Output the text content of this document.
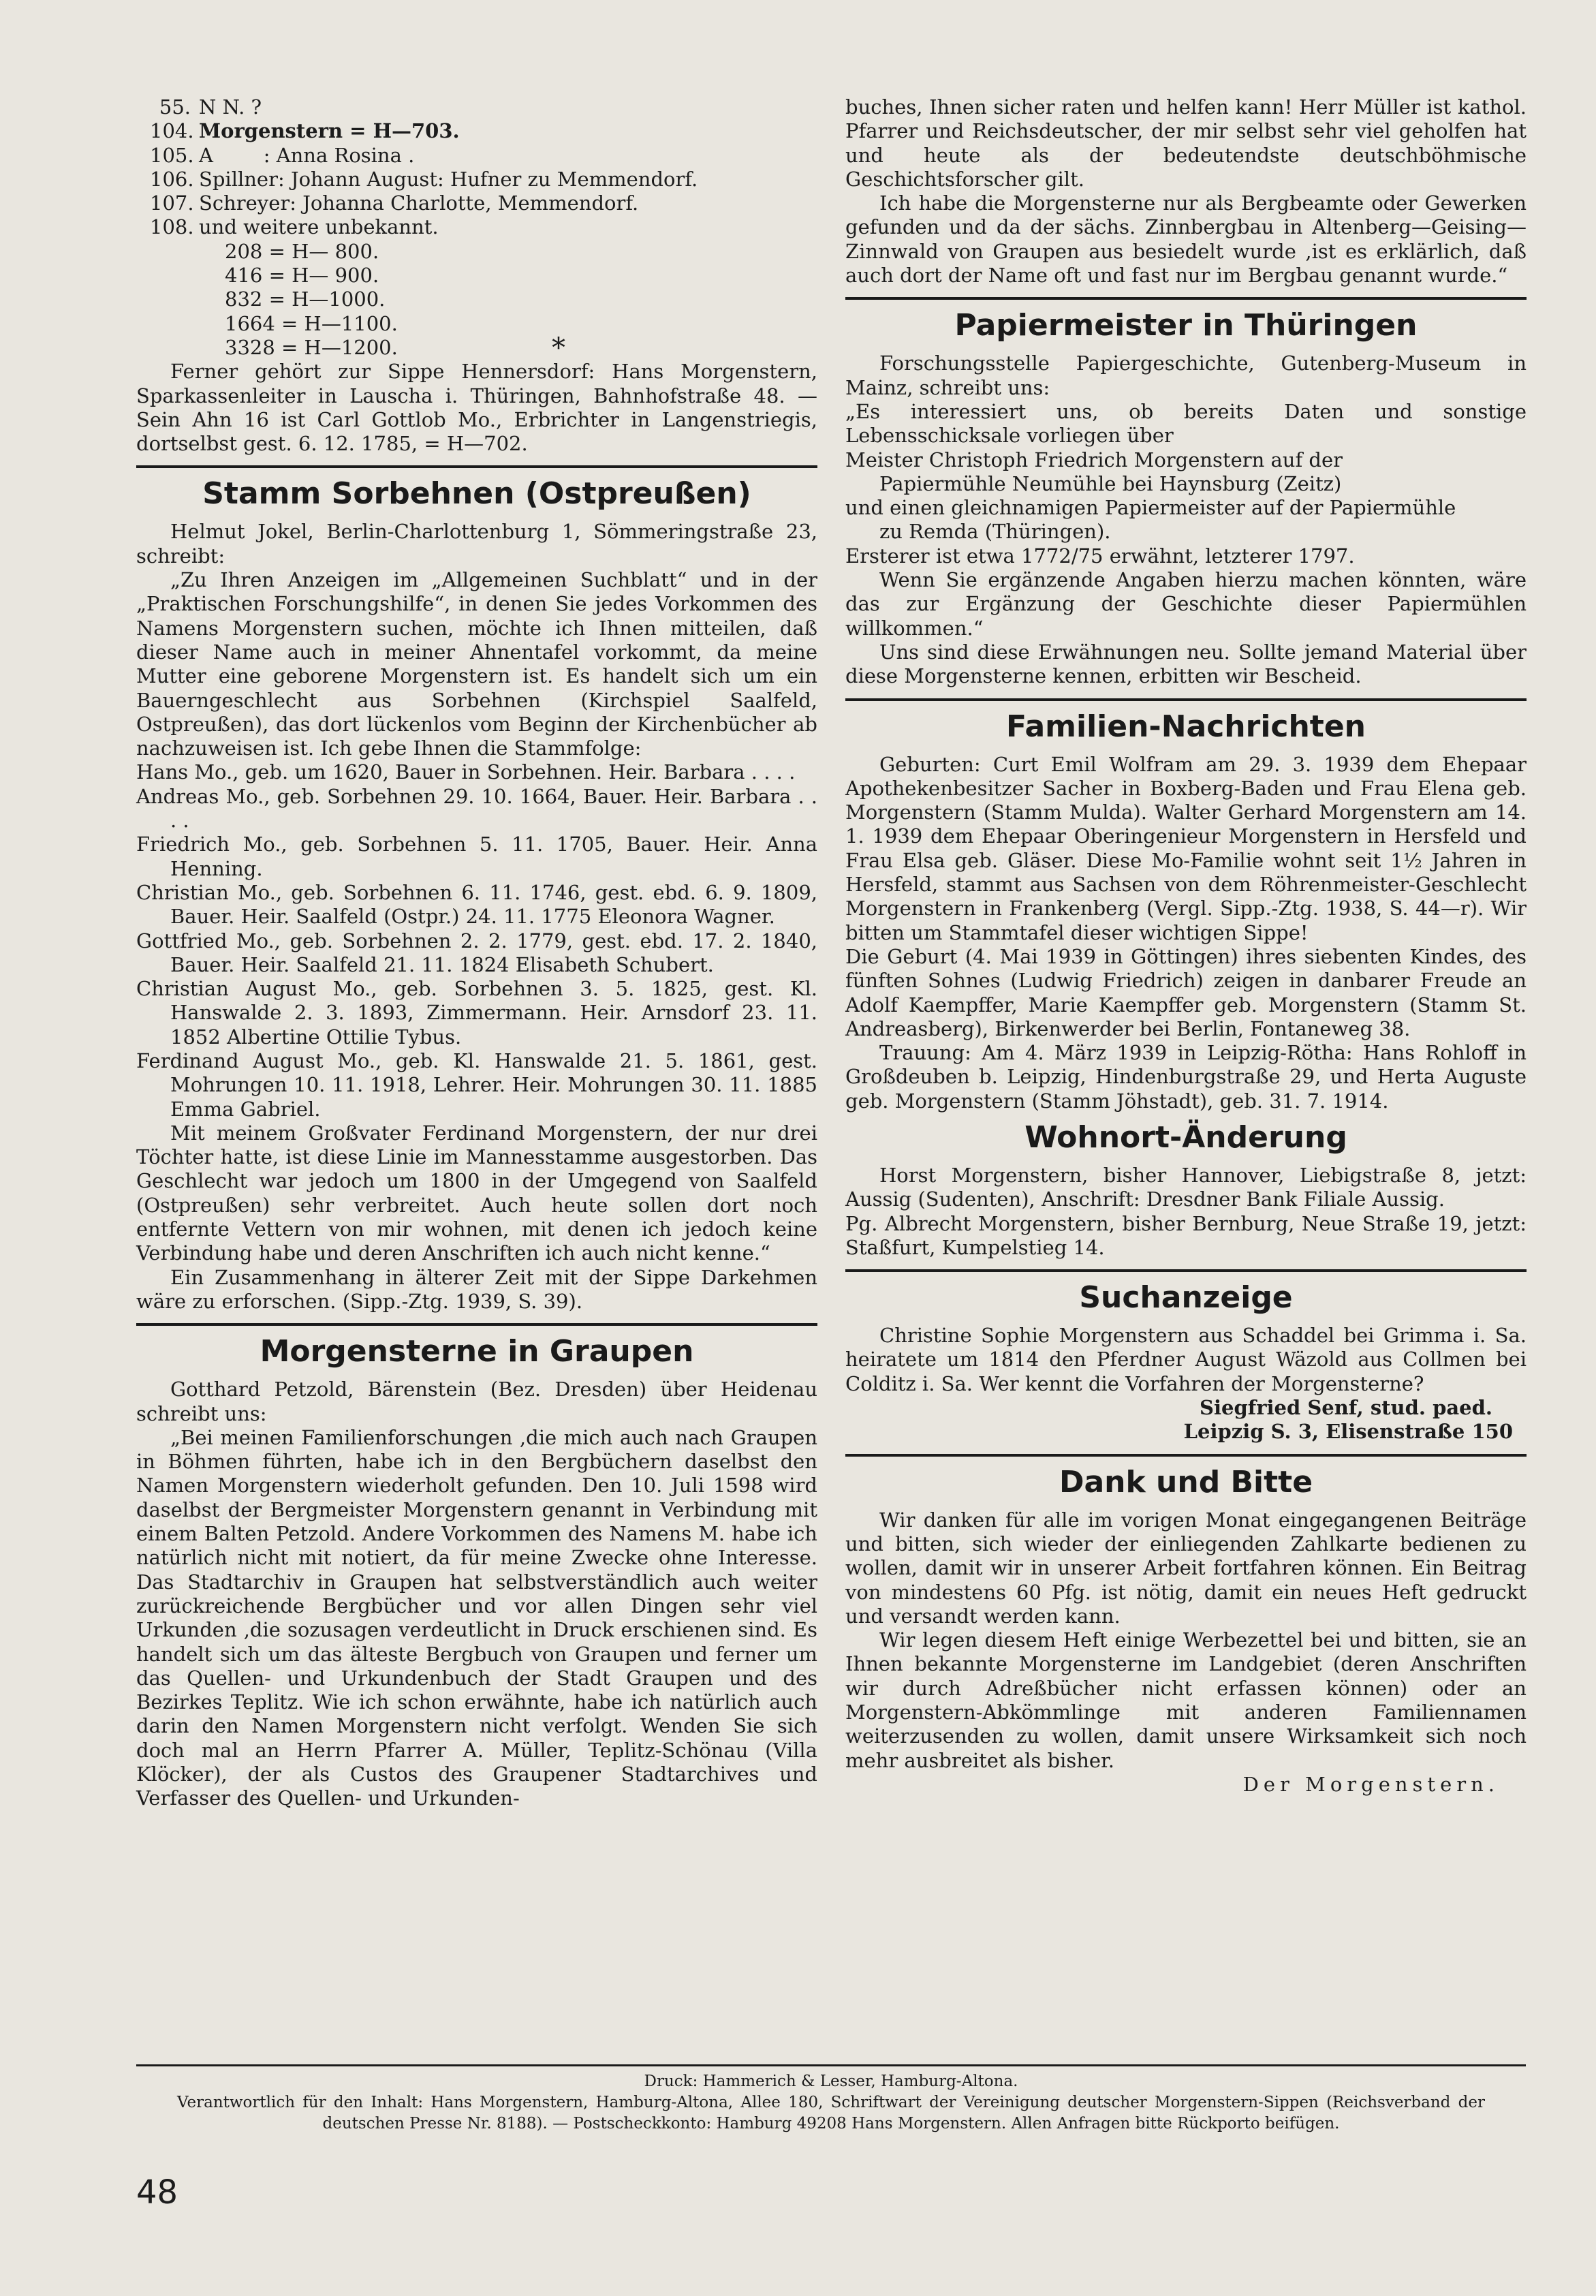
55. N N. ?
104. Morgenstern = H—703.
105. A        : Anna Rosina .
106. Spillner: Johann August: Hufner zu Memmendorf.
107. Schreyer: Johanna Charlotte, Memmendorf.
108. und weitere unbekannt.
208 = H— 800.
416 = H— 900.
832 = H—1000.
1664 = H—1100.
3328 = H—1200.	*

Ferner gehört zur Sippe Hennersdorf: Hans Morgenstern, Sparkassenleiter in Lauscha i. Thüringen, Bahnhofstraße 48. — Sein Ahn 16 ist Carl Gottlob Mo., Erbrichter in Langenstriegis, dortselbst gest. 6. 12. 1785, = H—702.

Stamm Sorbehnen (Ostpreußen)

Helmut Jokel, Berlin-Charlottenburg 1, Sömmeringstraße 23, schreibt:

„Zu Ihren Anzeigen im „Allgemeinen Suchblatt“ und in der „Praktischen Forschungshilfe“, in denen Sie jedes Vorkommen des Namens Morgenstern suchen, möchte ich Ihnen mitteilen, daß dieser Name auch in meiner Ahnentafel vorkommt, da meine Mutter eine geborene Morgenstern ist. Es handelt sich um ein Bauerngeschlecht aus Sorbehnen (Kirchspiel Saalfeld, Ostpreußen), das dort lückenlos vom Beginn der Kirchenbücher ab nachzuweisen ist. Ich gebe Ihnen die Stammfolge:

Hans Mo., geb. um 1620, Bauer in Sorbehnen. Heir. Barbara . . . .

Andreas Mo., geb. Sorbehnen 29. 10. 1664, Bauer. Heir. Barbara . . . .

Friedrich Mo., geb. Sorbehnen 5. 11. 1705, Bauer. Heir. Anna Henning.

Christian Mo., geb. Sorbehnen 6. 11. 1746, gest. ebd. 6. 9. 1809, Bauer. Heir. Saalfeld (Ostpr.) 24. 11. 1775 Eleonora Wagner.

Gottfried Mo., geb. Sorbehnen 2. 2. 1779, gest. ebd. 17. 2. 1840, Bauer. Heir. Saalfeld 21. 11. 1824 Elisabeth Schubert.

Christian August Mo., geb. Sorbehnen 3. 5. 1825, gest. Kl. Hanswalde 2. 3. 1893, Zimmermann. Heir. Arnsdorf 23. 11. 1852 Albertine Ottilie Tybus.

Ferdinand August Mo., geb. Kl. Hanswalde 21. 5. 1861, gest. Mohrungen 10. 11. 1918, Lehrer. Heir. Mohrungen 30. 11. 1885 Emma Gabriel.

Mit meinem Großvater Ferdinand Morgenstern, der nur drei Töchter hatte, ist diese Linie im Mannesstamme ausgestorben. Das Geschlecht war jedoch um 1800 in der Umgegend von Saalfeld (Ostpreußen) sehr verbreitet. Auch heute sollen dort noch entfernte Vettern von mir wohnen, mit denen ich jedoch keine Verbindung habe und deren Anschriften ich auch nicht kenne.“

Ein Zusammenhang in älterer Zeit mit der Sippe Darkehmen wäre zu erforschen. (Sipp.-Ztg. 1939, S. 39).

Morgensterne in Graupen

Gotthard Petzold, Bärenstein (Bez. Dresden) über Heidenau schreibt uns:

„Bei meinen Familienforschungen ,die mich auch nach Graupen in Böhmen führten, habe ich in den Bergbüchern daselbst den Namen Morgenstern wiederholt gefunden. Den 10. Juli 1598 wird daselbst der Bergmeister Morgenstern genannt in Verbindung mit einem Balten Petzold. Andere Vorkommen des Namens M. habe ich natürlich nicht mit notiert, da für meine Zwecke ohne Interesse. Das Stadtarchiv in Graupen hat selbstverständlich auch weiter zurückreichende Bergbücher und vor allen Dingen sehr viel Urkunden ,die sozusagen verdeutlicht in Druck erschienen sind. Es handelt sich um das älteste Bergbuch von Graupen und ferner um das Quellen- und Urkundenbuch der Stadt Graupen und des Bezirkes Teplitz. Wie ich schon erwähnte, habe ich natürlich auch darin den Namen Morgenstern nicht verfolgt. Wenden Sie sich doch mal an Herrn Pfarrer A. Müller, Teplitz-Schönau (Villa Klöcker), der als Custos des Graupener Stadtarchives und Verfasser des Quellen- und Urkunden-

buches, Ihnen sicher raten und helfen kann! Herr Müller ist kathol. Pfarrer und Reichsdeutscher, der mir selbst sehr viel geholfen hat und heute als der bedeutendste deutschböhmische Geschichtsforscher gilt.

Ich habe die Morgensterne nur als Bergbeamte oder Gewerken gefunden und da der sächs. Zinnbergbau in Altenberg—Geising—Zinnwald von Graupen aus besiedelt wurde ,ist es erklärlich, daß auch dort der Name oft und fast nur im Bergbau genannt wurde.“

Papiermeister in Thüringen

Forschungsstelle Papiergeschichte, Gutenberg-Museum in Mainz, schreibt uns:

„Es interessiert uns, ob bereits Daten und sonstige Lebensschicksale vorliegen über

Meister Christoph Friedrich Morgenstern auf der

Papiermühle Neumühle bei Haynsburg (Zeitz)

und einen gleichnamigen Papiermeister auf der Papiermühle

zu Remda (Thüringen).

Ersterer ist etwa 1772/75 erwähnt, letzterer 1797.

Wenn Sie ergänzende Angaben hierzu machen könnten, wäre das zur Ergänzung der Geschichte dieser Papiermühlen willkommen.“

Uns sind diese Erwähnungen neu. Sollte jemand Material über diese Morgensterne kennen, erbitten wir Bescheid.

Familien-Nachrichten

Geburten: Curt Emil Wolfram am 29. 3. 1939 dem Ehepaar Apothekenbesitzer Sacher in Boxberg-Baden und Frau Elena geb. Morgenstern (Stamm Mulda). Walter Gerhard Morgenstern am 14. 1. 1939 dem Ehepaar Oberingenieur Morgenstern in Hersfeld und Frau Elsa geb. Gläser. Diese Mo-Familie wohnt seit 1½ Jahren in Hersfeld, stammt aus Sachsen von dem Röhrenmeister-Geschlecht Morgenstern in Frankenberg (Vergl. Sipp.-Ztg. 1938, S. 44—r). Wir bitten um Stammtafel dieser wichtigen Sippe!

Die Geburt (4. Mai 1939 in Göttingen) ihres siebenten Kindes, des fünften Sohnes (Ludwig Friedrich) zeigen in danbarer Freude an Adolf Kaempffer, Marie Kaempffer geb. Morgenstern (Stamm St. Andreasberg), Birkenwerder bei Berlin, Fontaneweg 38.

Trauung: Am 4. März 1939 in Leipzig-Rötha: Hans Rohloff in Großdeuben b. Leipzig, Hindenburgstraße 29, und Herta Auguste geb. Morgenstern (Stamm Jöhstadt), geb. 31. 7. 1914.

Wohnort-Änderung

Horst Morgenstern, bisher Hannover, Liebigstraße 8, jetzt: Aussig (Sudenten), Anschrift: Dresdner Bank Filiale Aussig.

Pg. Albrecht Morgenstern, bisher Bernburg, Neue Straße 19, jetzt: Staßfurt, Kumpelstieg 14.

Suchanzeige

Christine Sophie Morgenstern aus Schaddel bei Grimma i. Sa. heiratete um 1814 den Pferdner August Wäzold aus Collmen bei Colditz i. Sa. Wer kennt die Vorfahren der Morgensterne?

Siegfried Senf, stud. paed.

Leipzig S. 3, Elisenstraße 150

Dank und Bitte

Wir danken für alle im vorigen Monat eingegangenen Beiträge und bitten, sich wieder der einliegenden Zahlkarte bedienen zu wollen, damit wir in unserer Arbeit fortfahren können. Ein Beitrag von mindestens 60 Pfg. ist nötig, damit ein neues Heft gedruckt und versandt werden kann.

Wir legen diesem Heft einige Werbezettel bei und bitten, sie an Ihnen bekannte Morgensterne im Landgebiet (deren Anschriften wir durch Adreßbücher nicht erfassen können) oder an Morgenstern-Abkömmlinge mit anderen Familiennamen weiterzusenden zu wollen, damit unsere Wirksamkeit sich noch mehr ausbreitet als bisher.

Der Morgenstern.

Druck: Hammerich & Lesser, Hamburg-Altona.
Verantwortlich für den Inhalt: Hans Morgenstern, Hamburg-Altona, Allee 180, Schriftwart der Vereinigung deutscher Morgenstern-Sippen (Reichsverband der deutschen Presse Nr. 8188). — Postscheckkonto: Hamburg 49208 Hans Morgenstern. Allen Anfragen bitte Rückporto beifügen.
48
